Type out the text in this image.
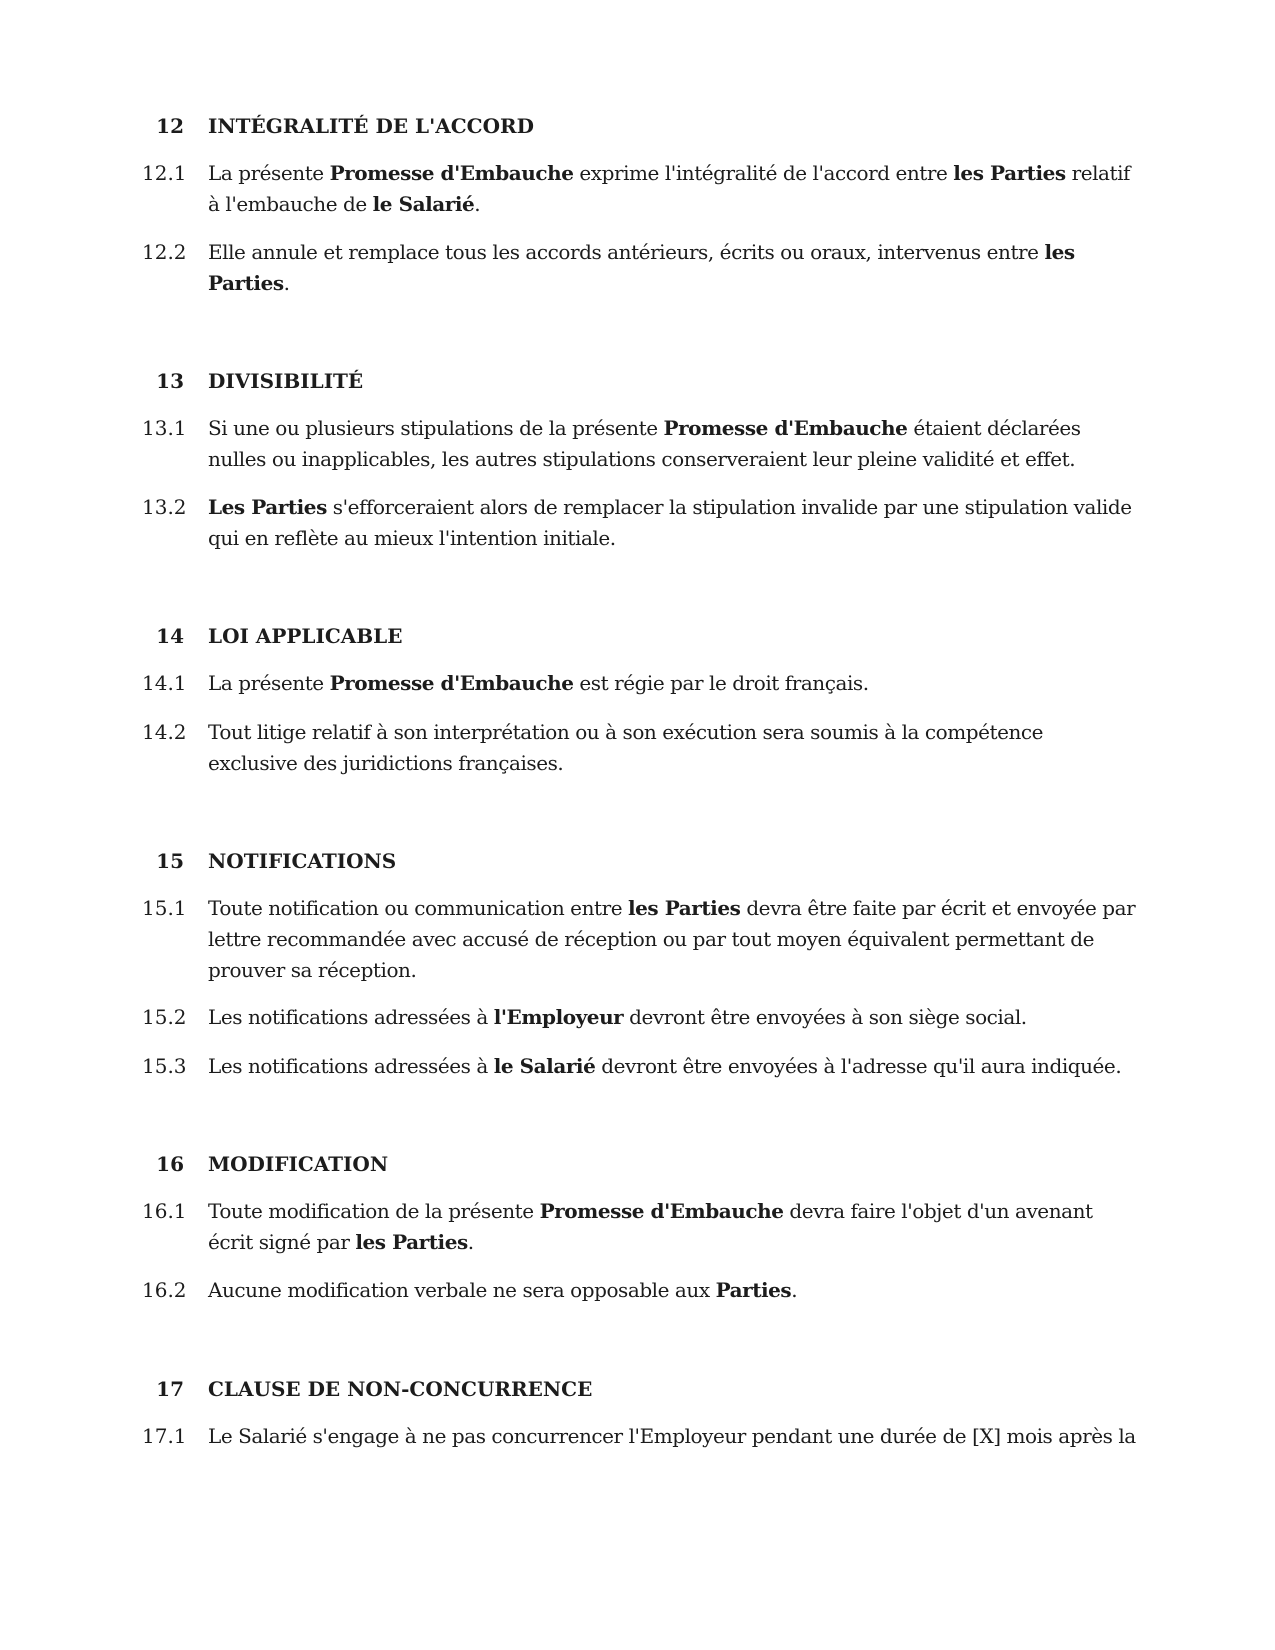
12 INTÉGRALITÉ DE L'ACCORD
12.1 La présente Promesse d'Embauche exprime l'intégralité de l'accord entre les Parties relatif à l'embauche de le Salarié.
12.2 Elle annule et remplace tous les accords antérieurs, écrits ou oraux, intervenus entre les Parties.
13 DIVISIBILITÉ
13.1 Si une ou plusieurs stipulations de la présente Promesse d'Embauche étaient déclarées nulles ou inapplicables, les autres stipulations conserveraient leur pleine validité et effet.
13.2 Les Parties s'efforceraient alors de remplacer la stipulation invalide par une stipulation valide qui en reflète au mieux l'intention initiale.
14 LOI APPLICABLE
14.1 La présente Promesse d'Embauche est régie par le droit français.
14.2 Tout litige relatif à son interprétation ou à son exécution sera soumis à la compétence exclusive des juridictions françaises.
15 NOTIFICATIONS
15.1 Toute notification ou communication entre les Parties devra être faite par écrit et envoyée par lettre recommandée avec accusé de réception ou par tout moyen équivalent permettant de prouver sa réception.
15.2 Les notifications adressées à l'Employeur devront être envoyées à son siège social.
15.3 Les notifications adressées à le Salarié devront être envoyées à l'adresse qu'il aura indiquée.
16 MODIFICATION
16.1 Toute modification de la présente Promesse d'Embauche devra faire l'objet d'un avenant écrit signé par les Parties.
16.2 Aucune modification verbale ne sera opposable aux Parties.
17 CLAUSE DE NON-CONCURRENCE
17.1 Le Salarié s'engage à ne pas concurrencer l'Employeur pendant une durée de [X] mois après la
